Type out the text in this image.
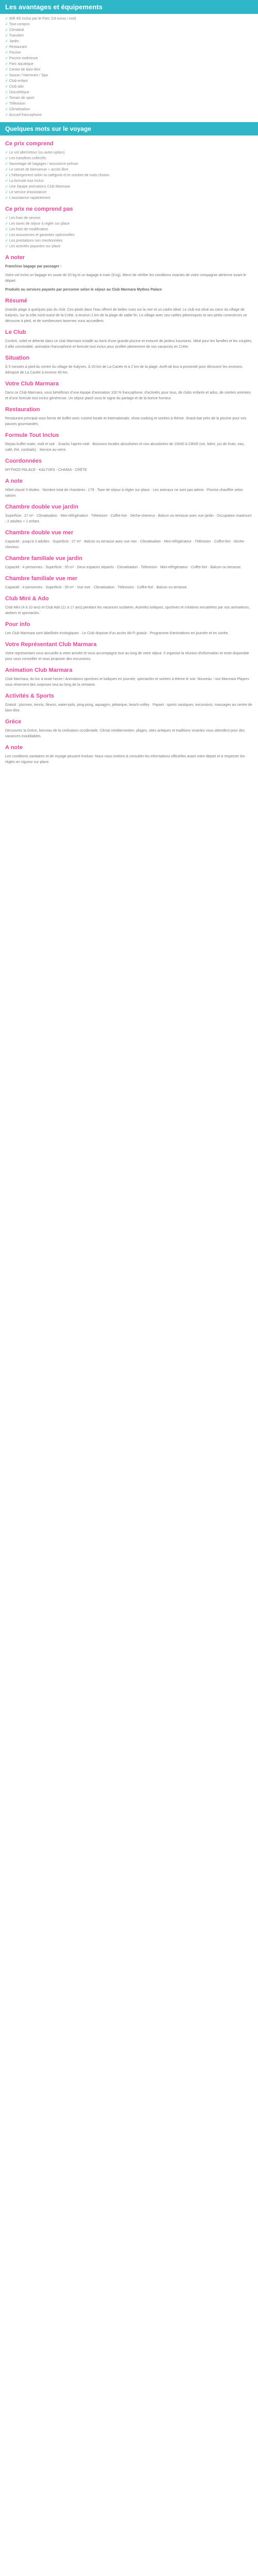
Les avantages et équipements
✓ Wifi 4G inclus par le Parc (19 euros / nuit)
✓ Tout compris
✓ Climatisé
✓ Transfert
✓ Jardin
✓ Restaurant
✓ Piscine
✓ Piscine extérieure
✓ Parc aquatique
✓ Centre de bien-être
✓ Sauna / Hammam / Spa
✓ Club enfant
✓ Club ado
✓ Discothèque
✓ Terrain de sport
✓ Télévision
✓ Climatisation
✓ Accueil francophone
Quelques mots sur le voyage
Ce prix comprend
✓ Le vol aller/retour (ou autre option)
✓ Les transferts collectifs
✓ Sauvetage de bagages / assurance prévue
✓ Le carnet de bienvenue + accès libre
✓ L'hébergement selon la catégorie et le nombre de nuits choisis
✓ La formule tout inclus
✓ Une équipe animations Club Marmara
✓ Le service d'assistance
✓ L'assistance rapatriement
Ce prix ne comprend pas
✓ Les frais de service
✓ Les taxes de séjour à régler sur place
✓ Les frais de modification
✓ Les assurances et garanties optionnelles
✓ Les prestations non mentionnées
✓ Les activités payantes sur place
A noter

Franchise bagage par passager :

Votre vol inclut un bagage en soute de 20 kg et un bagage à main (8 kg). Merci de vérifier les conditions exactes de votre compagnie aérienne avant le départ.

Produits ou services payants par personne selon le séjour au Club Marmara Mythos Palace

Résumé

Grande plage à quelques pas du club. Ces pieds dans l'eau offrent de belles vues sur la mer et un cadre idéal. Le club est situé au cœur du village de Kalyves, sur la côte nord-ouest de la Crète, à environ 2 km de la plage de sable fin. Le village avec ses ruelles pittoresques et ses petits commerces se découvre à pied, et de nombreuses tavernes vous accueillent.

Le Club

Confort, soleil et détente dans ce club Marmara installé au bord d'une grande piscine et entouré de jardins luxuriants. Idéal pour les familles et les couples, il allie convivialité, animation francophone et formule tout inclus pour profiter pleinement de vos vacances en Crète.

Situation

À 5 minutes à pied du centre du village de Kalyves. À 20 km de La Canée et à 2 km de la plage. Arrêt de bus à proximité pour découvrir les environs. Aéroport de La Canée à environ 40 km.

Votre Club Marmara

Dans ce Club Marmara, vous bénéficiez d'une équipe d'animation 100 % francophone, d'activités pour tous, de clubs enfants et ados, de soirées animées et d'une formule tout inclus généreuse. Un séjour placé sous le signe du partage et de la bonne humeur.

Restauration

Restaurant principal sous forme de buffet avec cuisine locale et internationale, show cooking et soirées à thème. Snack-bar près de la piscine pour vos pauses gourmandes.

Formule Tout Inclus

Repas buffet matin, midi et soir · Snacks l'après-midi · Boissons locales alcoolisées et non alcoolisées de 10h00 à 23h00 (vin, bière, jus de fruits, eau, café, thé, cocktails) · Service au verre.

Coordonnées

MYTHOS PALACE - KALYVES - CHANIA - CRÈTE

A note

Hôtel classé 5 étoiles · Nombre total de chambres : 179 · Taxe de séjour à régler sur place · Les animaux ne sont pas admis · Piscine chauffée selon saison.

Chambre double vue jardin

Superficie : 27 m² · Climatisation · Mini-réfrigérateur · Télévision · Coffre-fort · Sèche-cheveux · Balcon ou terrasse avec vue jardin · Occupation maximum : 2 adultes + 1 enfant.

Chambre double vue mer

Capacité : jusqu'à 3 adultes · Superficie : 27 m² · Balcon ou terrasse avec vue mer · Climatisation · Mini-réfrigérateur · Télévision · Coffre-fort · Sèche-cheveux.

Chambre familiale vue jardin

Capacité : 4 personnes · Superficie : 35 m² · Deux espaces séparés · Climatisation · Télévision · Mini-réfrigérateur · Coffre-fort · Balcon ou terrasse.

Chambre familiale vue mer

Capacité : 4 personnes · Superficie : 35 m² · Vue mer · Climatisation · Télévision · Coffre-fort · Balcon ou terrasse.

Club Mini & Ado

Club Mini (4 à 10 ans) et Club Ado (11 à 17 ans) pendant les vacances scolaires. Activités ludiques, sportives et créatives encadrées par nos animateurs, ateliers et spectacles.

Pour info

Les Club Marmara sont labellisés écologiques · Le Club dispose d'un accès Wi-Fi gratuit · Programme d'animations en journée et en soirée.

Votre Représentant Club Marmara

Votre représentant vous accueille à votre arrivée et vous accompagne tout au long de votre séjour. Il organise la réunion d'information et reste disponible pour vous conseiller et vous proposer des excursions.

Animation Club Marmara

Club Marmara, du fun à toute heure ! Animations sportives et ludiques en journée, spectacles et soirées à thème le soir. Nouveau : nos Marmara Players vous réservent des surprises tout au long de la semaine.

Activités & Sports

Gratuit : piscines, tennis, fitness, water-polo, ping-pong, aquagym, pétanque, beach-volley · Payant : sports nautiques, excursions, massages au centre de bien-être.

Grèce

Découvrez la Grèce, berceau de la civilisation occidentale. Climat méditerranéen, plages, sites antiques et traditions vivantes vous attendent pour des vacances inoubliables.

A note

Les conditions sanitaires et de voyage peuvent évoluer. Nous vous invitons à consulter les informations officielles avant votre départ et à respecter les règles en vigueur sur place.
